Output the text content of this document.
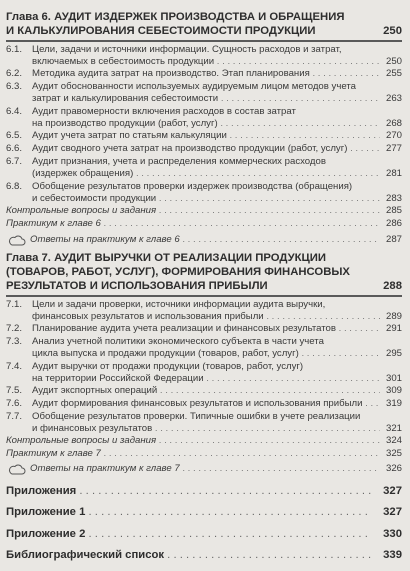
Глава 6. АУДИТ ИЗДЕРЖЕК ПРОИЗВОДСТВА И ОБРАЩЕНИЯ
И КАЛЬКУЛИРОВАНИЯ СЕБЕСТОИМОСТИ ПРОДУКЦИИ	250
6.1. Цели, задачи и источники информации. Сущность расходов и затрат,
включаемых в себестоимость продукции . . .	250
6.2. Методика аудита затрат на производство. Этап планирования . . .	255
6.3. Аудит обоснованности используемых аудируемым лицом методов учета
затрат и калькулирования себестоимости . . .	263
6.4. Аудит правомерности включения расходов в состав затрат
на производство продукции (работ, услуг) . . .	268
6.5. Аудит учета затрат по статьям калькуляции . . .	270
6.6. Аудит сводного учета затрат на производство продукции (работ, услуг) . . .	277
6.7. Аудит признания, учета и распределения коммерческих расходов
(издержек обращения) . . .	281
6.8. Обобщение результатов проверки издержек производства (обращения)
и себестоимости продукции . . .	283
Контрольные вопросы и задания . . .	285
Практикум к главе 6 . . .	286
Ответы на практикум к главе 6 . . .	287
Глава 7. АУДИТ ВЫРУЧКИ ОТ РЕАЛИЗАЦИИ ПРОДУКЦИИ
(ТОВАРОВ, РАБОТ, УСЛУГ), ФОРМИРОВАНИЯ ФИНАНСОВЫХ
РЕЗУЛЬТАТОВ И ИСПОЛЬЗОВАНИЯ ПРИБЫЛИ	288
7.1. Цели и задачи проверки, источники информации аудита выручки,
финансовых результатов и использования прибыли . . .	289
7.2. Планирование аудита учета реализации и финансовых результатов . . .	291
7.3. Анализ учетной политики экономического субъекта в части учета
цикла выпуска и продажи продукции (товаров, работ, услуг) . . .	295
7.4. Аудит выручки от продажи продукции (товаров, работ, услуг)
на территории Российской Федерации . . .	301
7.5. Аудит экспортных операций . . .	309
7.6. Аудит формирования финансовых результатов и использования прибыли . . .	319
7.7. Обобщение результатов проверки. Типичные ошибки в учете реализации
и финансовых результатов . . .	321
Контрольные вопросы и задания . . .	324
Практикум к главе 7 . . .	325
Ответы на практикум к главе 7 . . .	326
Приложения . . .	327
Приложение 1 . . .	327
Приложение 2 . . .	330
Библиографический список . . .	339
